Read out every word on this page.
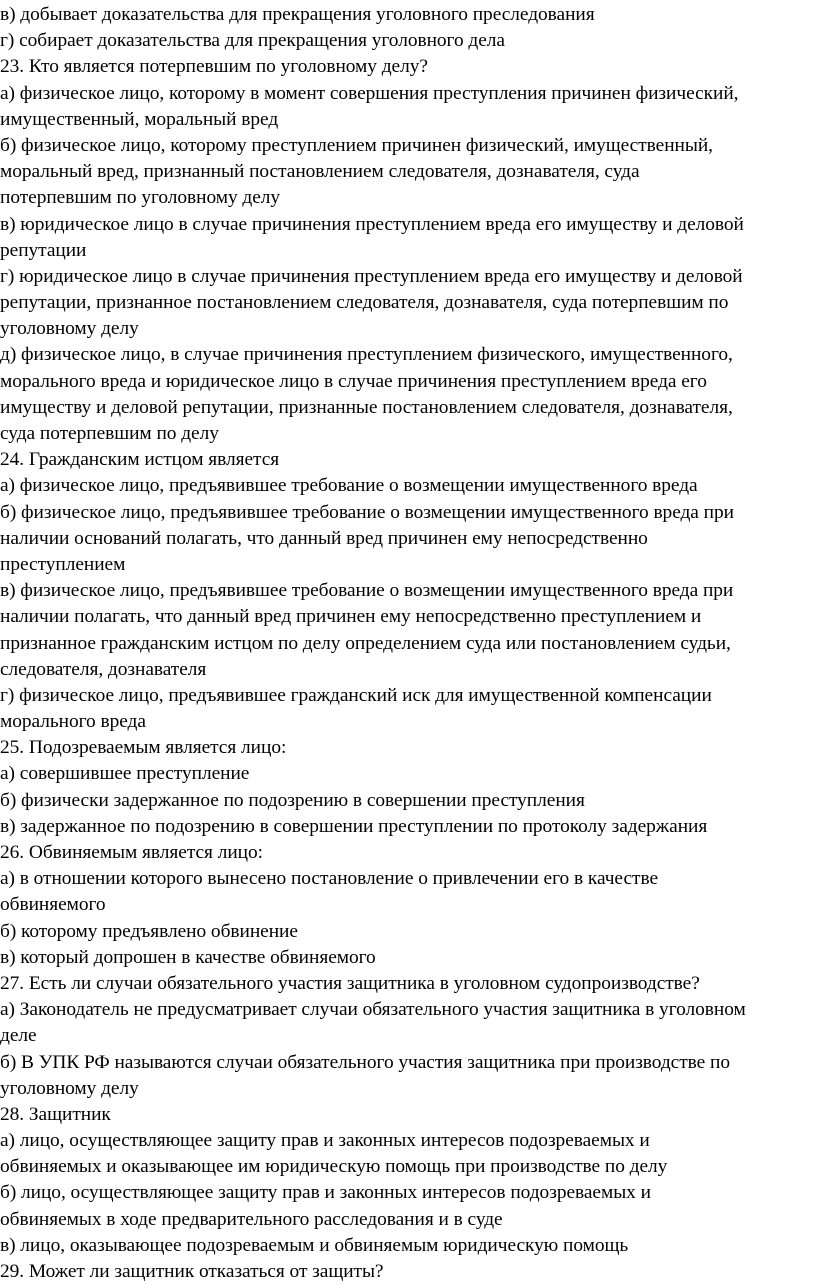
в) добывает доказательства для прекращения уголовного преследования
г) собирает доказательства для прекращения уголовного дела
23. Кто является потерпевшим по уголовному делу?
а) физическое лицо, которому в момент совершения преступления причинен физический,
имущественный, моральный вред
б) физическое лицо, которому преступлением причинен физический, имущественный,
моральный вред, признанный постановлением следователя, дознавателя, суда
потерпевшим по уголовному делу
в) юридическое лицо в случае причинения преступлением вреда его имуществу и деловой
репутации
г) юридическое лицо в случае причинения преступлением вреда его имуществу и деловой
репутации, признанное постановлением следователя, дознавателя, суда потерпевшим по
уголовному делу
д) физическое лицо, в случае причинения преступлением физического, имущественного,
морального вреда и юридическое лицо в случае причинения преступлением вреда его
имуществу и деловой репутации, признанные постановлением следователя, дознавателя,
суда потерпевшим по делу
24. Гражданским истцом является
а) физическое лицо, предъявившее требование о возмещении имущественного вреда
б) физическое лицо, предъявившее требование о возмещении имущественного вреда при
наличии оснований полагать, что данный вред причинен ему непосредственно
преступлением
в) физическое лицо, предъявившее требование о возмещении имущественного вреда при
наличии полагать, что данный вред причинен ему непосредственно преступлением и
признанное гражданским истцом по делу определением суда или постановлением судьи,
следователя, дознавателя
г) физическое лицо, предъявившее гражданский иск для имущественной компенсации
морального вреда
25. Подозреваемым является лицо:
а) совершившее преступление
б) физически задержанное по подозрению в совершении преступления
в) задержанное по подозрению в совершении преступлении по протоколу задержания
26. Обвиняемым является лицо:
а) в отношении которого вынесено постановление о привлечении его в качестве
обвиняемого
б) которому предъявлено обвинение
в) который допрошен в качестве обвиняемого
27. Есть ли случаи обязательного участия защитника в уголовном судопроизводстве?
а) Законодатель не предусматривает случаи обязательного участия защитника в уголовном
деле
б) В УПК РФ называются случаи обязательного участия защитника при производстве по
уголовному делу
28. Защитник
а) лицо, осуществляющее защиту прав и законных интересов подозреваемых и
обвиняемых и оказывающее им юридическую помощь при производстве по делу
б) лицо, осуществляющее защиту прав и законных интересов подозреваемых и
обвиняемых в ходе предварительного расследования и в суде
в) лицо, оказывающее подозреваемым и обвиняемым юридическую помощь
29. Может ли защитник отказаться от защиты?
